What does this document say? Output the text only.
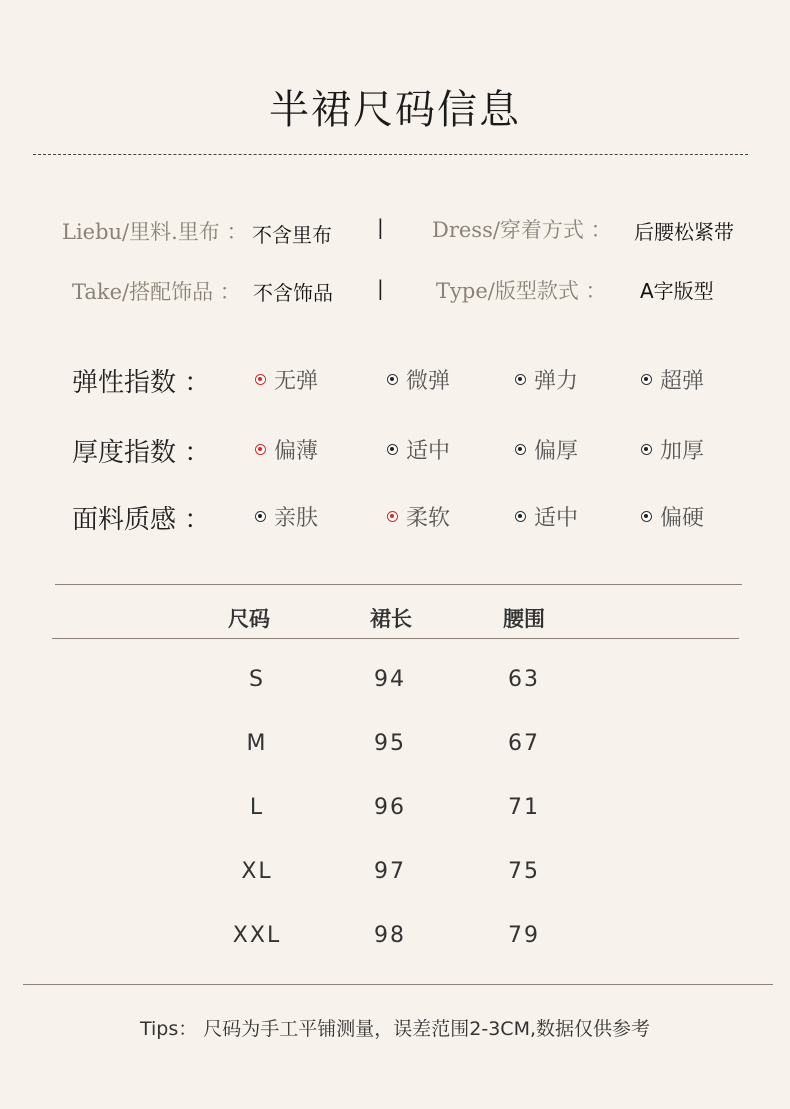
半裙尺码信息
Liebu/里料.里布 ： 不含里布 | Dress/穿着方式 ： 后腰松紧带
Take/搭配饰品 ： 不含饰品 | Type/版型款式 ： A字版型
弹性指数 ：	无弹	微弹	弹力	超弹
厚度指数 ：	偏薄	适中	偏厚	加厚
面料质感 ：	亲肤	柔软	适中	偏硬
尺码	裙长	腰围
S	94	63
M	95	67
L	96	71
XL	97	75
XXL	98	79
Tips： 尺码为手工平铺测量，误差范围2-3CM,数据仅供参考
